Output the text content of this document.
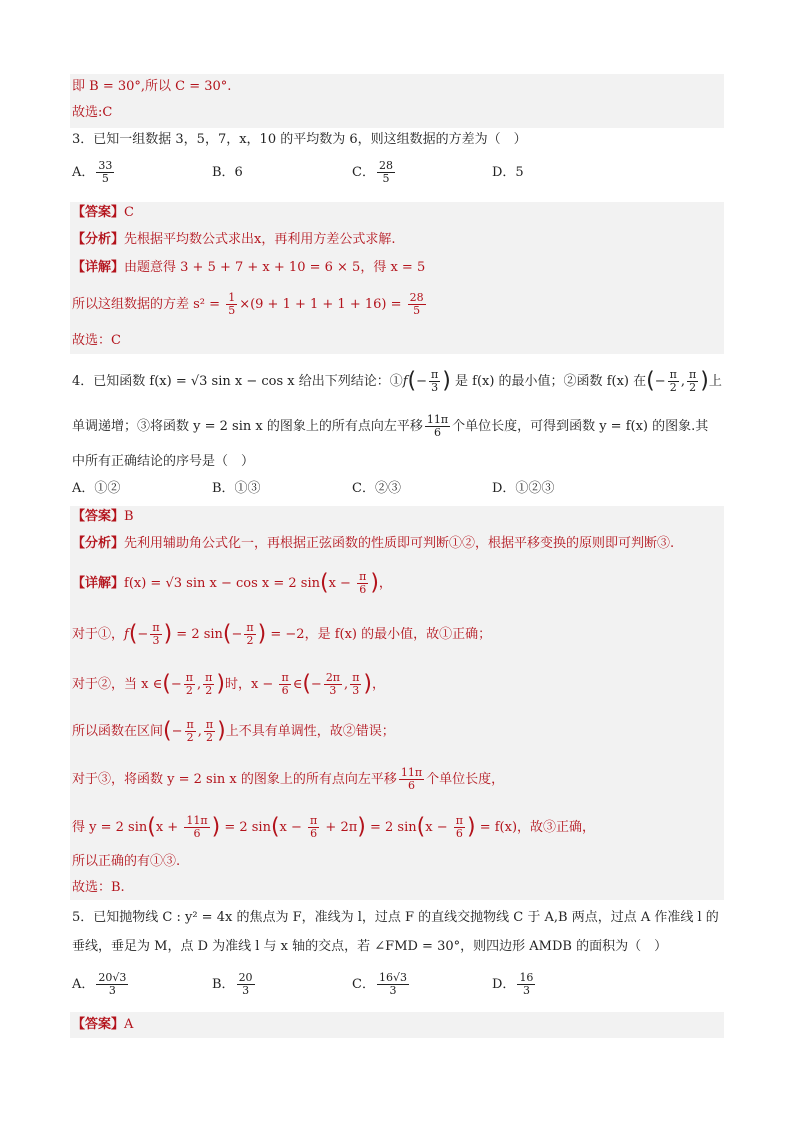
即 B = 30°,所以 C = 30°.
故选:C
3．已知一组数据 3，5，7，x，10 的平均数为 6，则这组数据的方差为（　）
A． $\frac{33}{5}$	B．6	C． $\frac{28}{5}$	D．5
【答案】C
【分析】先根据平均数公式求出x，再利用方差公式求解.
【详解】由题意得 3 + 5 + 7 + x + 10 = 6 × 5，得 x = 5
所以这组数据的方差 $s^2 = \frac{1}{5} \times(9 + 1 + 1 + 1 + 16) = \frac{28}{5}$
故选：C
4．已知函数 f(x) = √3 sin x − cos x 给出下列结论：①f(− $\frac{\pi}{3}$ ) 是 f(x) 的最小值；②函数 f(x) 在(− $\frac{\pi}{2}$ , $\frac{\pi}{2}$ )上
单调递增；③将函数 y = 2 sin x 的图象上的所有点向左平移 $\frac{11\pi}{6}$ 个单位长度，可得到函数 y = f(x) 的图象.其
中所有正确结论的序号是（　）
A．①②	B．①③	C．②③	D．①②③
【答案】B
【分析】先利用辅助角公式化一，再根据正弦函数的性质即可判断①②，根据平移变换的原则即可判断③.
【详解】f(x) = √3 sin x − cos x = 2 $\sin(x - \frac{\pi}{6}$ )，
对于①，$f(- \frac{\pi}{3}$ ) = 2 $\sin(- \frac{\pi}{2}$ ) = −2，是 f(x) 的最小值，故①正确；
对于②，当 x ∈(− $\frac{\pi}{2}$ , $\frac{\pi}{2}$ )时，$x - \frac{\pi}{6}$ ∈(− $\frac{2\pi}{3}$ , $\frac{\pi}{3}$ )，
所以函数在区间(− $\frac{\pi}{2}$ , $\frac{\pi}{2}$ )上不具有单调性，故②错误；
对于③，将函数 y = 2 sin x 的图象上的所有点向左平移 $\frac{11\pi}{6}$ 个单位长度，
得 y = 2 $\sin(x + \frac{11\pi}{6}$ ) = 2 $\sin(x - \frac{\pi}{6} + 2\pi) = 2$ $\sin(x - \frac{\pi}{6}$ ) = f(x)，故③正确，
所以正确的有①③.
故选：B.
5．已知抛物线 C : y² = 4x 的焦点为 F，准线为 l，过点 F 的直线交抛物线 C 于 A,B 两点，过点 A 作准线 l 的
垂线，垂足为 M，点 D 为准线 l 与 x 轴的交点，若 ∠FMD = 30°，则四边形 AMDB 的面积为（　）
A． $\frac{20√3}{3}$	B． $\frac{20}{3}$	C． $\frac{16√3}{3}$	D． $\frac{16}{3}$
【答案】A
